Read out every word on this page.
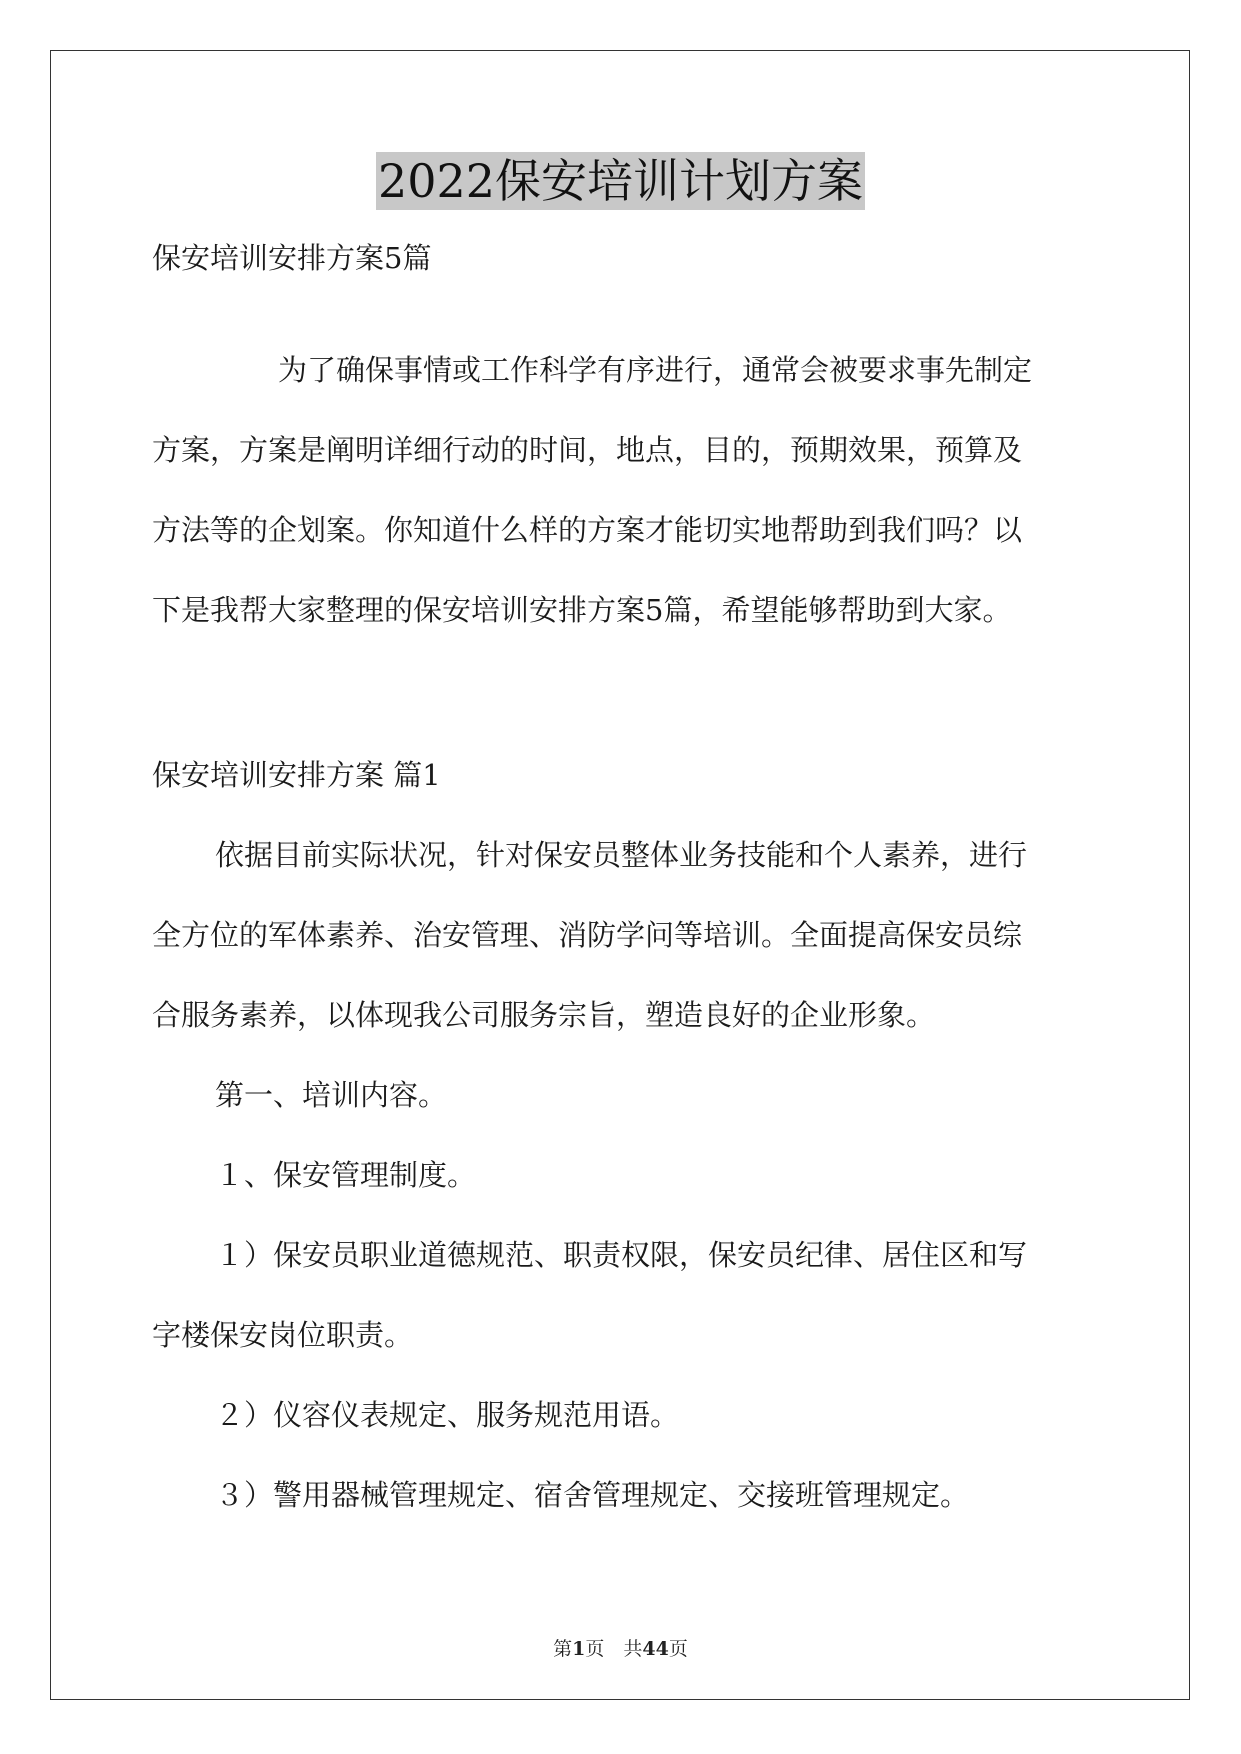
2022保安培训计划方案
保安培训安排方案5篇
为了确保事情或工作科学有序进行，通常会被要求事先制定
方案，方案是阐明详细行动的时间，地点，目的，预期效果，预算及
方法等的企划案。你知道什么样的方案才能切实地帮助到我们吗？以
下是我帮大家整理的保安培训安排方案5篇，希望能够帮助到大家。
保安培训安排方案 篇1
依据目前实际状况，针对保安员整体业务技能和个人素养，进行
全方位的军体素养、治安管理、消防学问等培训。全面提高保安员综
合服务素养，以体现我公司服务宗旨，塑造良好的企业形象。
第一、培训内容。
１、保安管理制度。
１）保安员职业道德规范、职责权限，保安员纪律、居住区和写
字楼保安岗位职责。
２）仪容仪表规定、服务规范用语。
３）警用器械管理规定、宿舍管理规定、交接班管理规定。
第1页　共44页
